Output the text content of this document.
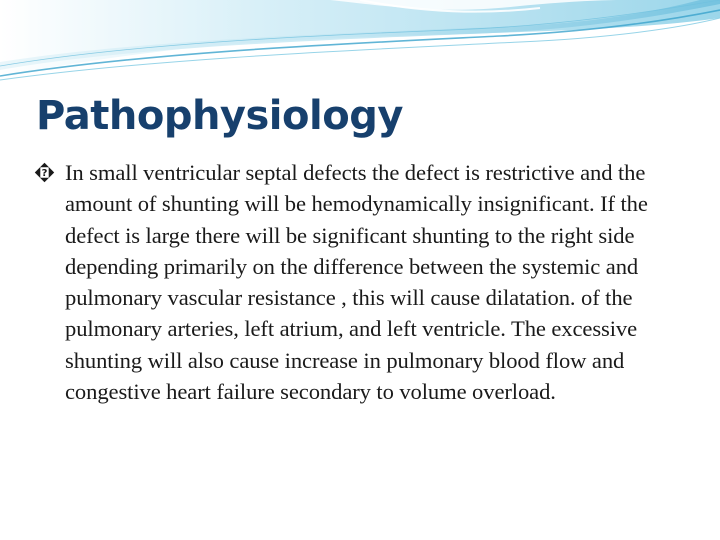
Pathophysiology
? In small ventricular septal defects the defect is restrictive and the amount of shunting will be hemodynamically insignificant. If the defect is large there will be significant shunting to the right side depending primarily on the difference between the systemic and pulmonary vascular resistance , this will cause dilatation. of the pulmonary arteries, left atrium, and left ventricle. The excessive shunting will also cause increase in pulmonary blood flow and congestive heart failure secondary to volume overload.
